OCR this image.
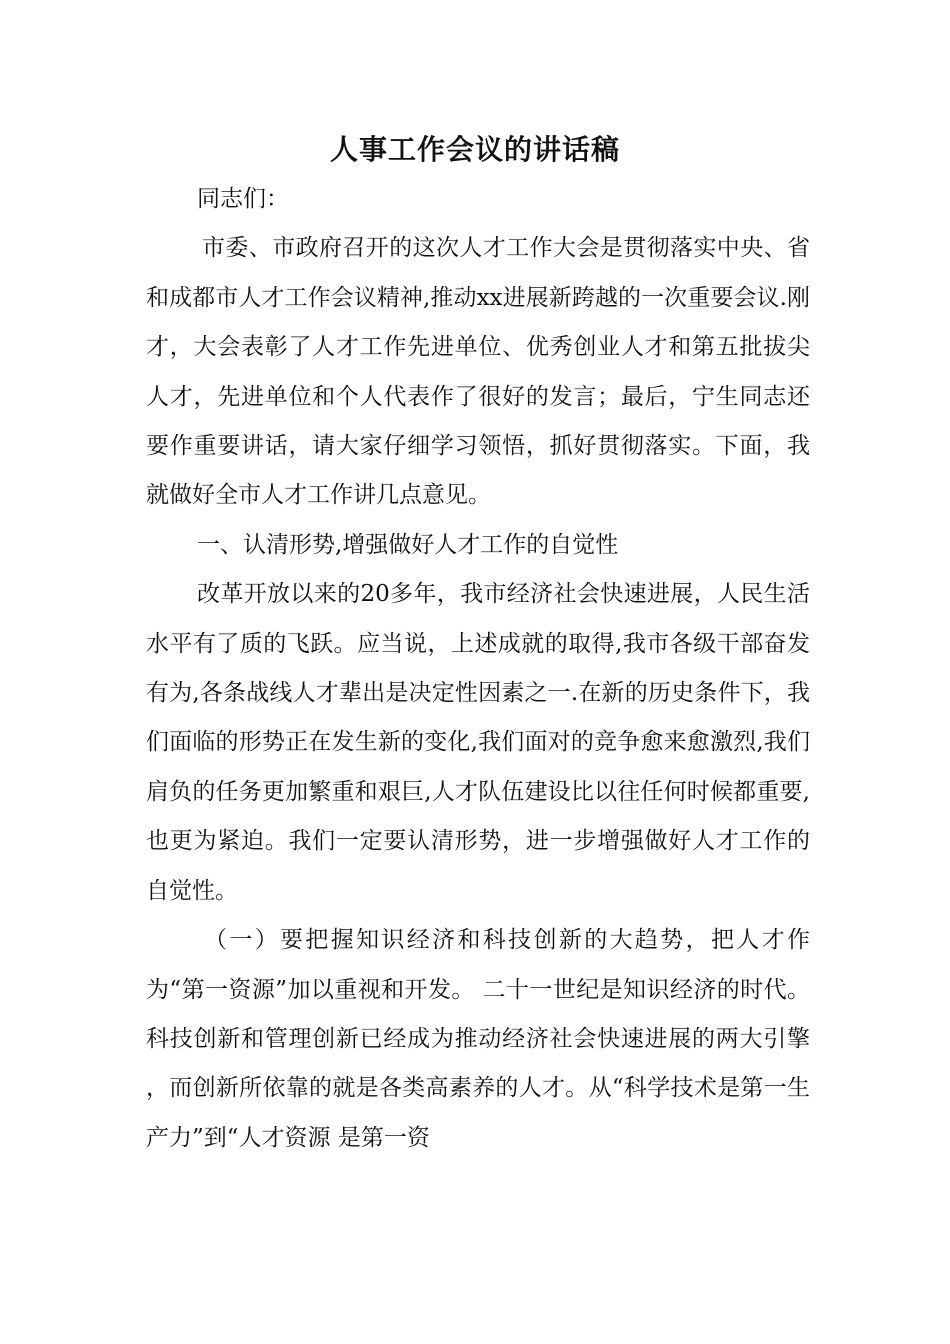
人事工作会议的讲话稿

同志们：

市委、市政府召开的这次人才工作大会是贯彻落实中央、省和成都市人才工作会议精神,推动xx进展新跨越的一次重要会议.刚才，大会表彰了人才工作先进单位、优秀创业人才和第五批拔尖人才，先进单位和个人代表作了很好的发言；最后，宁生同志还要作重要讲话，请大家仔细学习领悟，抓好贯彻落实。下面，我就做好全市人才工作讲几点意见。

一、认清形势,增强做好人才工作的自觉性

改革开放以来的20多年，我市经济社会快速进展，人民生活水平有了质的飞跃。应当说，上述成就的取得,我市各级干部奋发有为,各条战线人才辈出是决定性因素之一.在新的历史条件下，我们面临的形势正在发生新的变化,我们面对的竞争愈来愈激烈,我们肩负的任务更加繁重和艰巨,人才队伍建设比以往任何时候都重要,也更为紧迫。我们一定要认清形势，进一步增强做好人才工作的自觉性。

（一）要把握知识经济和科技创新的大趋势，把人才作为“第一资源”加以重视和开发。 二十一世纪是知识经济的时代。科技创新和管理创新已经成为推动经济社会快速进展的两大引擎 ，而创新所依靠的就是各类高素养的人才。从“科学技术是第一生产力”到“人才资源 是第一资
